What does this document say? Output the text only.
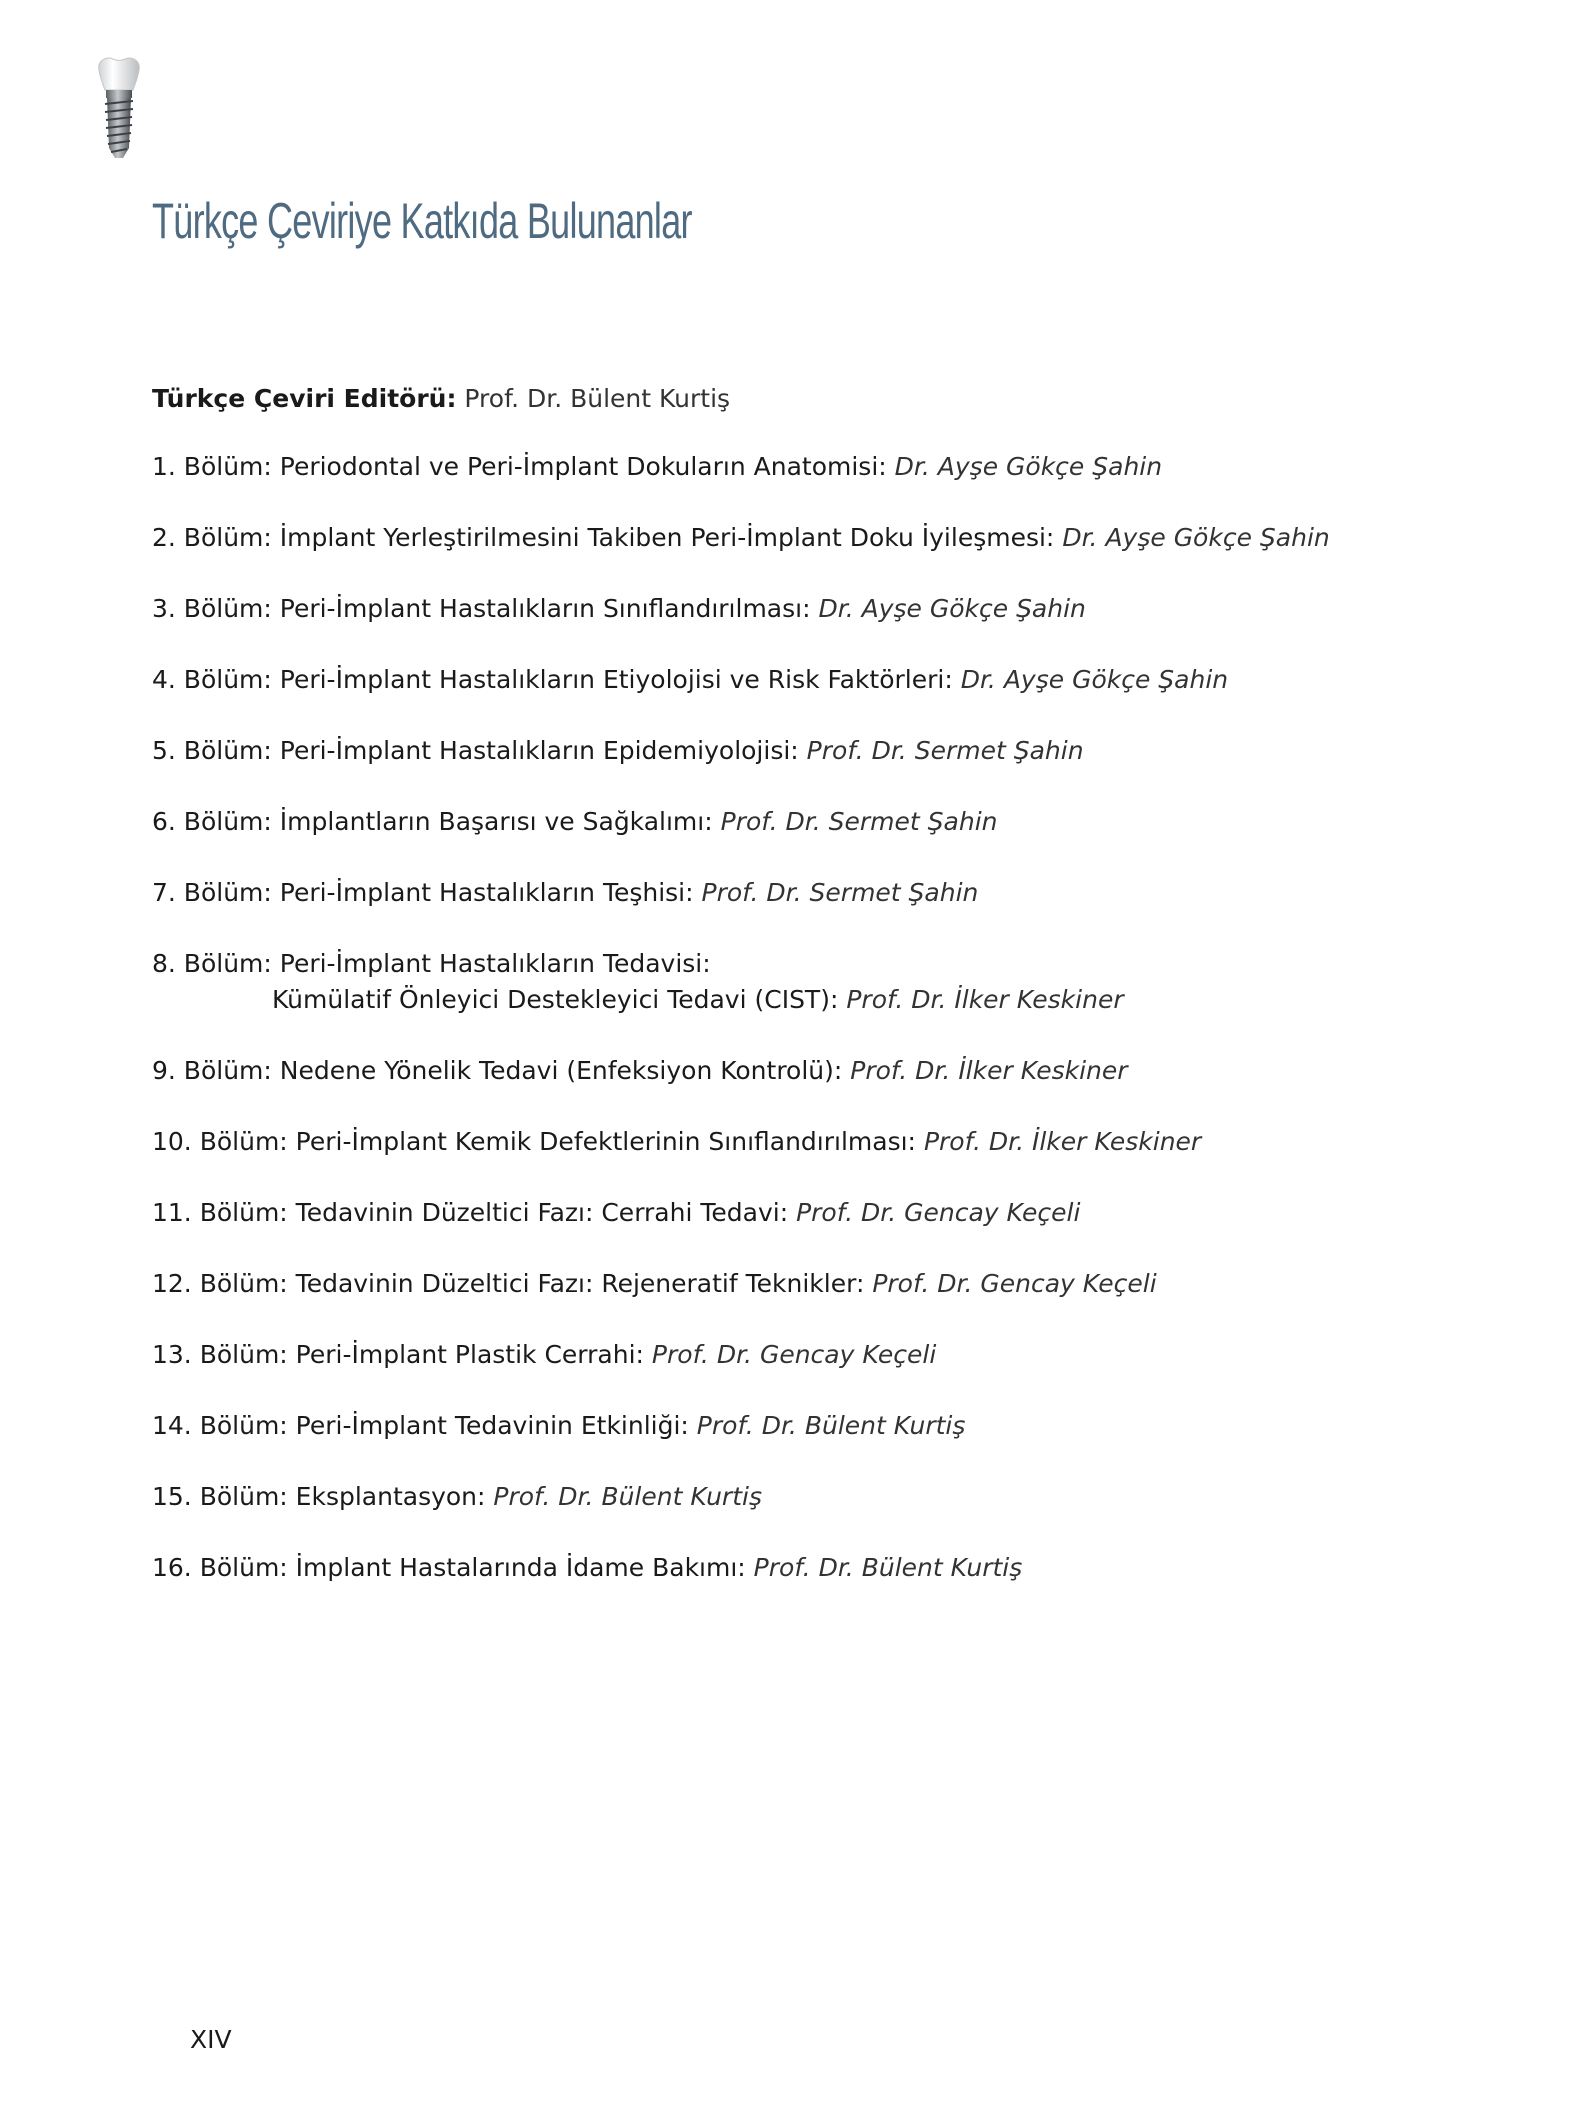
Türkçe Çeviriye Katkıda Bulunanlar
Türkçe Çeviri Editörü: Prof. Dr. Bülent Kurtiş
1. Bölüm: Periodontal ve Peri-İmplant Dokuların Anatomisi: Dr. Ayşe Gökçe Şahin
2. Bölüm: İmplant Yerleştirilmesini Takiben Peri-İmplant Doku İyileşmesi: Dr. Ayşe Gökçe Şahin
3. Bölüm: Peri-İmplant Hastalıkların Sınıflandırılması: Dr. Ayşe Gökçe Şahin
4. Bölüm: Peri-İmplant Hastalıkların Etiyolojisi ve Risk Faktörleri: Dr. Ayşe Gökçe Şahin
5. Bölüm: Peri-İmplant Hastalıkların Epidemiyolojisi: Prof. Dr. Sermet Şahin
6. Bölüm: İmplantların Başarısı ve Sağkalımı: Prof. Dr. Sermet Şahin
7. Bölüm: Peri-İmplant Hastalıkların Teşhisi: Prof. Dr. Sermet Şahin
8. Bölüm: Peri-İmplant Hastalıkların Tedavisi:
Kümülatif Önleyici Destekleyici Tedavi (CIST): Prof. Dr. İlker Keskiner
9. Bölüm: Nedene Yönelik Tedavi (Enfeksiyon Kontrolü): Prof. Dr. İlker Keskiner
10. Bölüm: Peri-İmplant Kemik Defektlerinin Sınıflandırılması: Prof. Dr. İlker Keskiner
11. Bölüm: Tedavinin Düzeltici Fazı: Cerrahi Tedavi: Prof. Dr. Gencay Keçeli
12. Bölüm: Tedavinin Düzeltici Fazı: Rejeneratif Teknikler: Prof. Dr. Gencay Keçeli
13. Bölüm: Peri-İmplant Plastik Cerrahi: Prof. Dr. Gencay Keçeli
14. Bölüm: Peri-İmplant Tedavinin Etkinliği: Prof. Dr. Bülent Kurtiş
15. Bölüm: Eksplantasyon: Prof. Dr. Bülent Kurtiş
16. Bölüm: İmplant Hastalarında İdame Bakımı: Prof. Dr. Bülent Kurtiş
XIV
